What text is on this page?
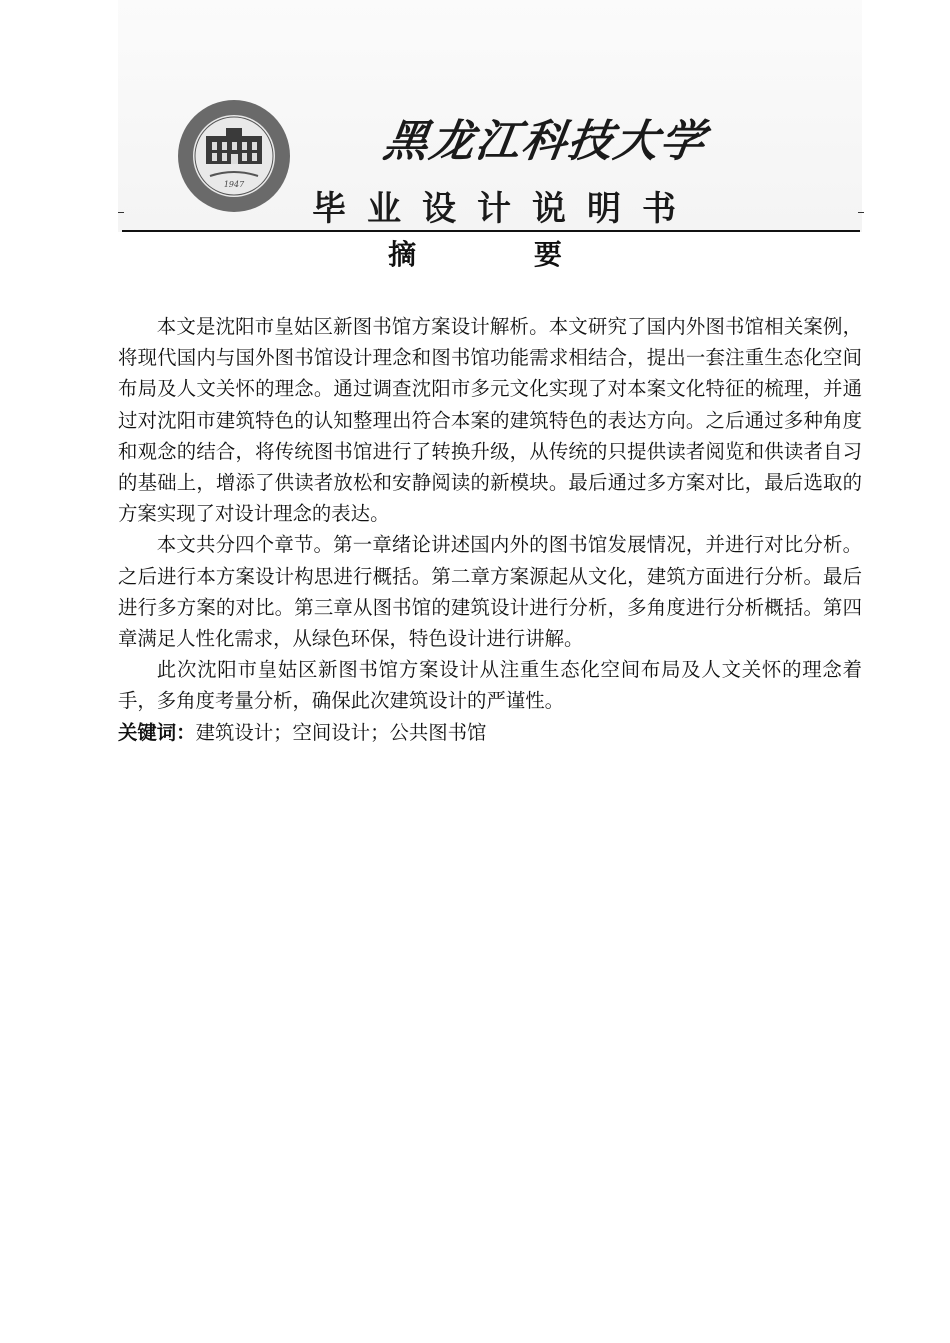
1947
黑龙江科技大学
毕业设计说明书
摘 要

本文是沈阳市皇姑区新图书馆方案设计解析。本文研究了国内外图书馆相关案例，将现代国内与国外图书馆设计理念和图书馆功能需求相结合，提出一套注重生态化空间布局及人文关怀的理念。通过调查沈阳市多元文化实现了对本案文化特征的梳理，并通过对沈阳市建筑特色的认知整理出符合本案的建筑特色的表达方向。之后通过多种角度和观念的结合，将传统图书馆进行了转换升级，从传统的只提供读者阅览和供读者自习的基础上，增添了供读者放松和安静阅读的新模块。最后通过多方案对比，最后选取的方案实现了对设计理念的表达。

本文共分四个章节。第一章绪论讲述国内外的图书馆发展情况，并进行对比分析。之后进行本方案设计构思进行概括。第二章方案源起从文化，建筑方面进行分析。最后进行多方案的对比。第三章从图书馆的建筑设计进行分析，多角度进行分析概括。第四章满足人性化需求，从绿色环保，特色设计进行讲解。

此次沈阳市皇姑区新图书馆方案设计从注重生态化空间布局及人文关怀的理念着手，多角度考量分析，确保此次建筑设计的严谨性。

关键词：建筑设计；空间设计；公共图书馆
